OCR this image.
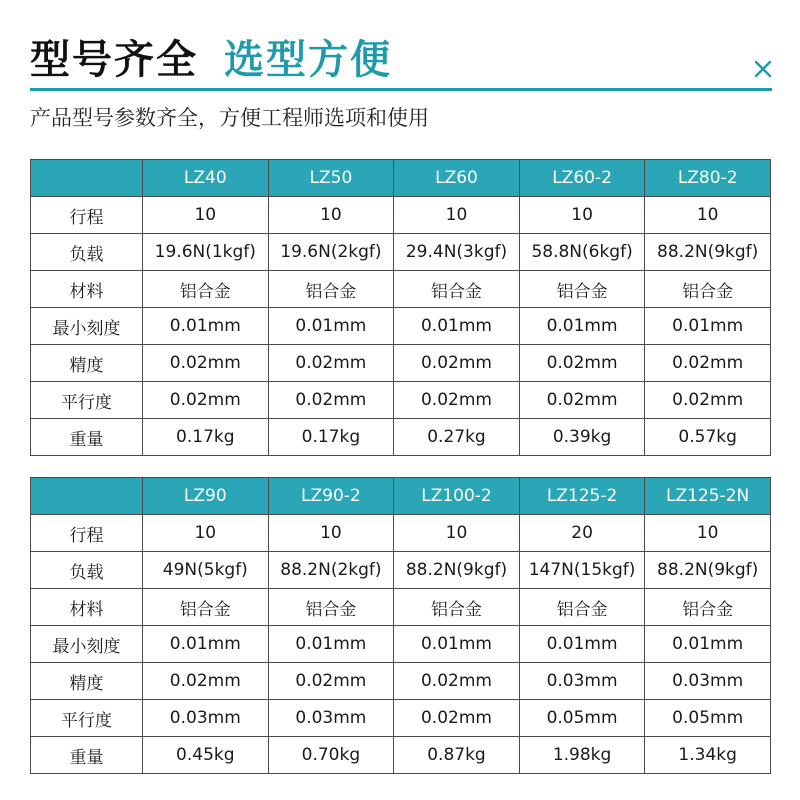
型号齐全 选型方便
产品型号参数齐全，方便工程师选项和使用
	LZ40	LZ50	LZ60	LZ60-2	LZ80-2
行程	10	10	10	10	10
负载	19.6N(1kgf)	19.6N(2kgf)	29.4N(3kgf)	58.8N(6kgf)	88.2N(9kgf)
材料	铝合金	铝合金	铝合金	铝合金	铝合金
最小刻度	0.01mm	0.01mm	0.01mm	0.01mm	0.01mm
精度	0.02mm	0.02mm	0.02mm	0.02mm	0.02mm
平行度	0.02mm	0.02mm	0.02mm	0.02mm	0.02mm
重量	0.17kg	0.17kg	0.27kg	0.39kg	0.57kg
	LZ90	LZ90-2	LZ100-2	LZ125-2	LZ125-2N
行程	10	10	10	20	10
负载	49N(5kgf)	88.2N(2kgf)	88.2N(9kgf)	147N(15kgf)	88.2N(9kgf)
材料	铝合金	铝合金	铝合金	铝合金	铝合金
最小刻度	0.01mm	0.01mm	0.01mm	0.01mm	0.01mm
精度	0.02mm	0.02mm	0.02mm	0.03mm	0.03mm
平行度	0.03mm	0.03mm	0.02mm	0.05mm	0.05mm
重量	0.45kg	0.70kg	0.87kg	1.98kg	1.34kg
